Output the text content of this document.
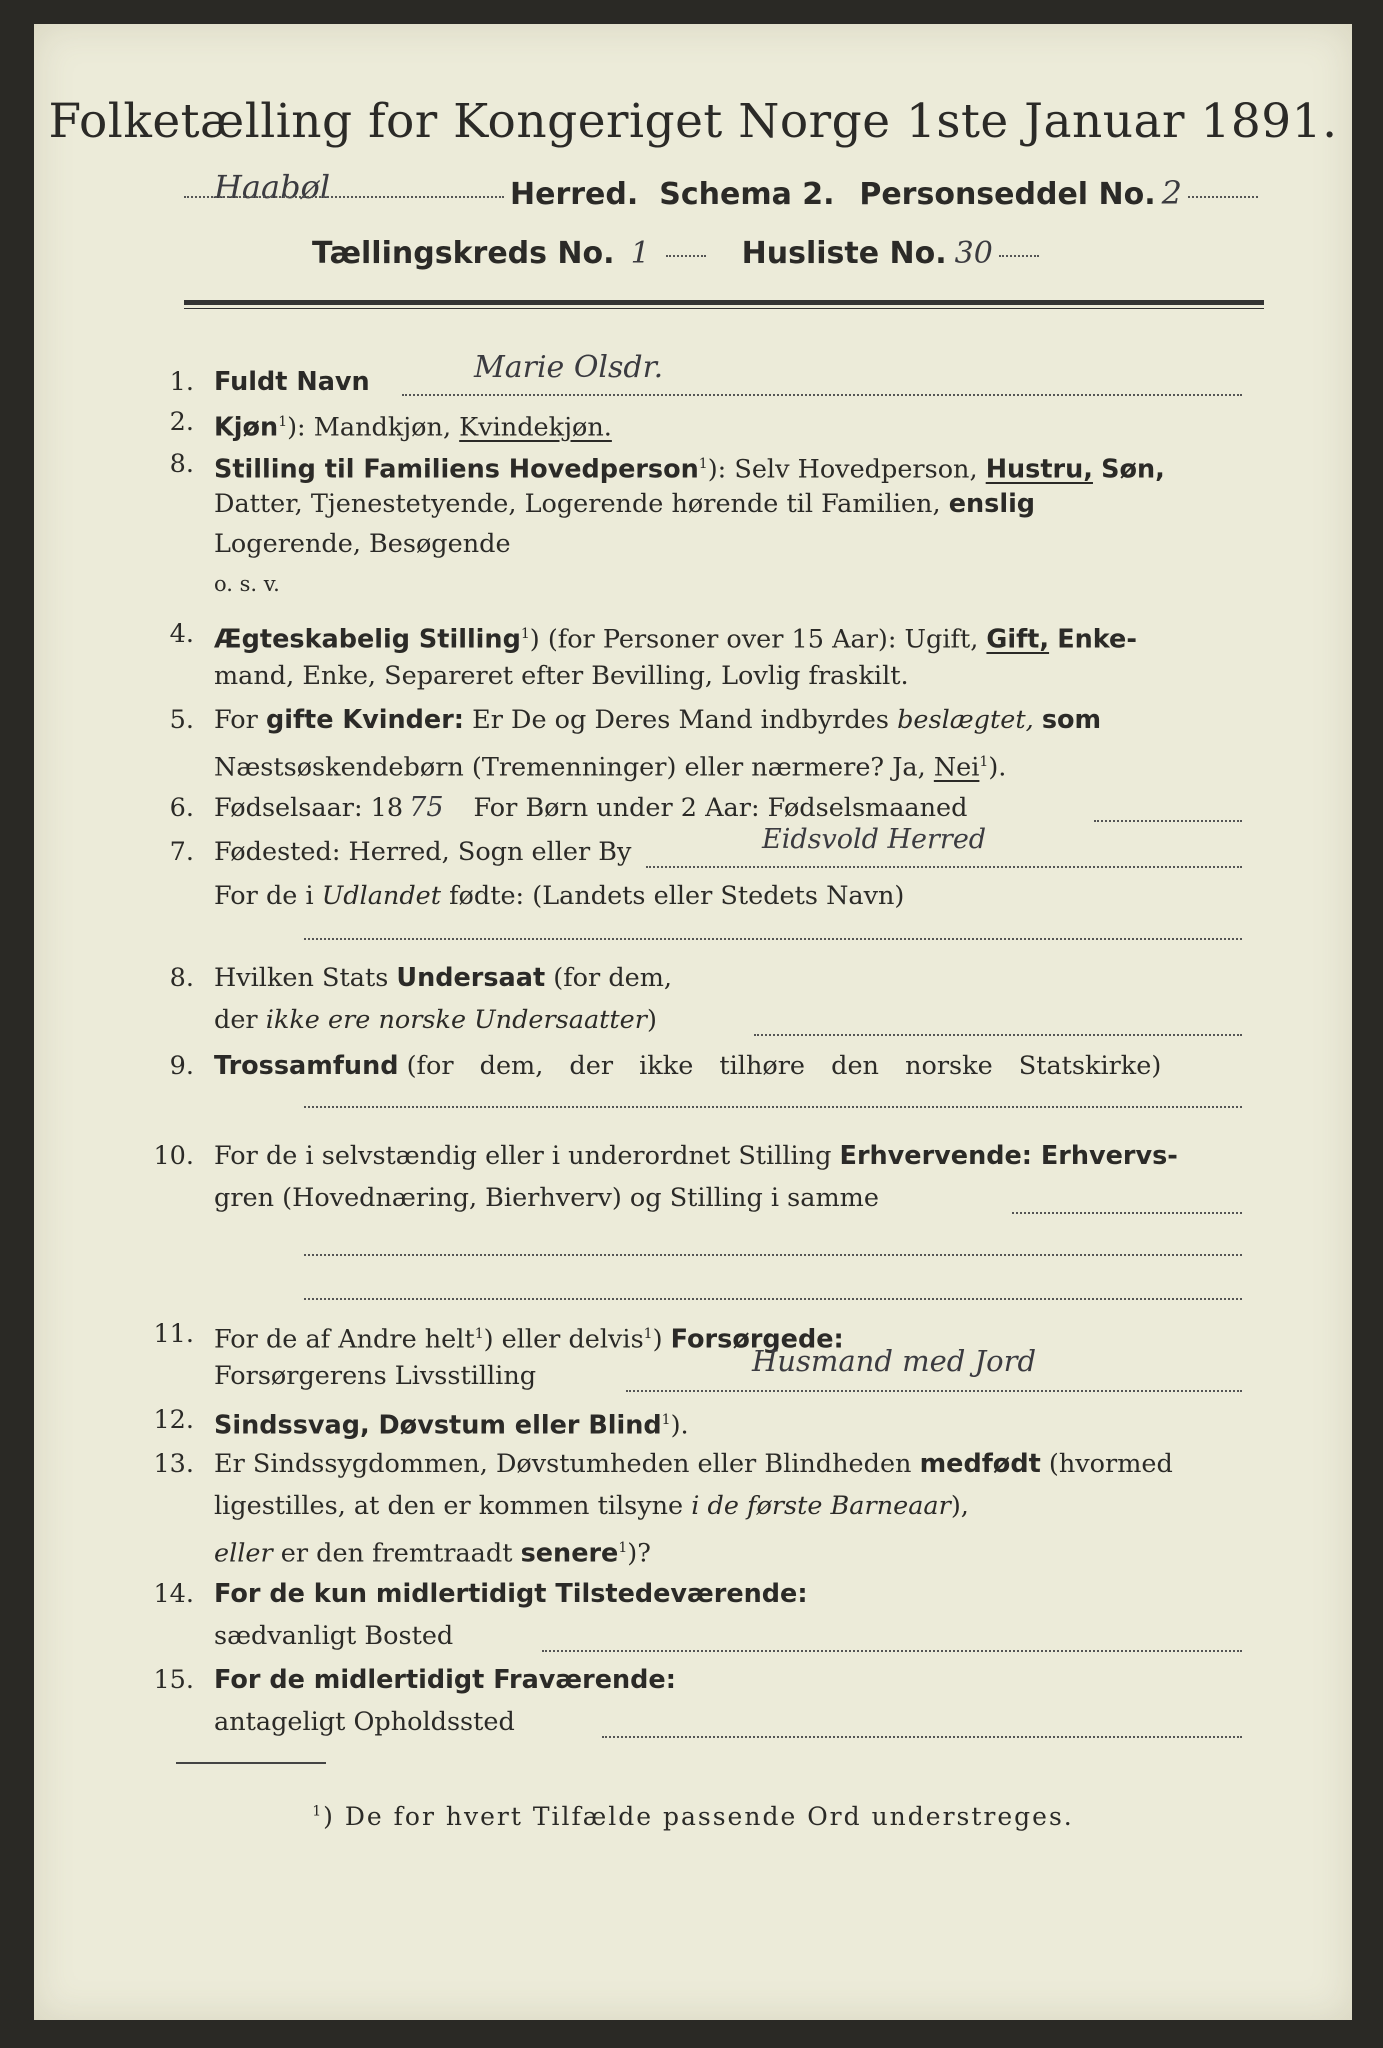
Folketælling for Kongeriget Norge 1ste Januar 1891.
Haabøl	Herred. Schema 2. Personseddel No. 2
Tællingskreds No. 1	Husliste No. 30
1. Fuldt Navn	Marie Olsdr.
2. Kjøn$^1$): Mandkjøn, Kvindekjøn.
8. Stilling til Familiens Hovedperson$^1$): Selv Hovedperson, Hustru, Søn,
Datter, Tjenestetyende, Logerende hørende til Familien, enslig
Logerende, Besøgende
o. s. v.
4. Ægteskabelig Stilling$^1$) (for Personer over 15 Aar): Ugift, Gift, Enke-
mand, Enke, Separeret efter Bevilling, Lovlig fraskilt.
5. For gifte Kvinder: Er De og Deres Mand indbyrdes beslægtet, som
Næstsøskendebørn (Tremenninger) eller nærmere? Ja, Nei$^1$).
6. Fødselsaar: 18 75 For Børn under 2 Aar: Fødselsmaaned
7. Fødested: Herred, Sogn eller By	Eidsvold Herred
For de i Udlandet fødte: (Landets eller Stedets Navn)
8. Hvilken Stats Undersaat (for dem,
der ikke ere norske Undersaatter)
9. Trossamfund (for dem, der ikke tilhøre den norske Statskirke)
10. For de i selvstændig eller i underordnet Stilling Erhvervende: Erhvervs-
gren (Hovednæring, Bierhverv) og Stilling i samme
11. For de af Andre helt$^1$) eller delvis$^1$) Forsørgede:
Forsørgerens Livsstilling	Husmand med Jord
12. Sindssvag, Døvstum eller Blind$^1$).
13. Er Sindssygdommen, Døvstumheden eller Blindheden medfødt (hvormed
ligestilles, at den er kommen tilsyne i de første Barneaar),
eller er den fremtraadt senere$^1$)?
14. For de kun midlertidigt Tilstedeværende:
sædvanligt Bosted
15. For de midlertidigt Fraværende:
antageligt Opholdssted
$^1$) De for hvert Tilfælde passende Ord understreges.
